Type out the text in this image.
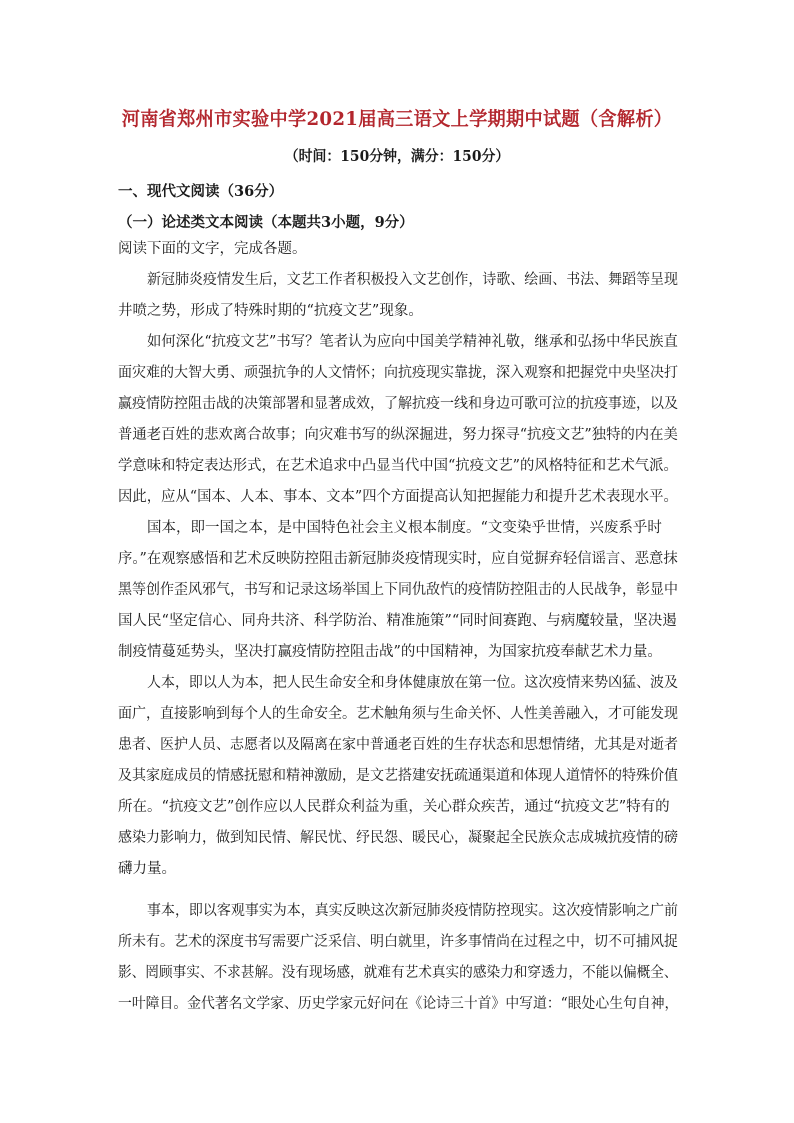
河南省郑州市实验中学2021届高三语文上学期期中试题（含解析）
（时间：150分钟，满分：150分）
一、现代文阅读（36分）
（一）论述类文本阅读（本题共3小题，9分）
阅读下面的文字，完成各题。
新冠肺炎疫情发生后，文艺工作者积极投入文艺创作，诗歌、绘画、书法、舞蹈等呈现
井喷之势，形成了特殊时期的“抗疫文艺”现象。
如何深化“抗疫文艺”书写？笔者认为应向中国美学精神礼敬，继承和弘扬中华民族直
面灾难的大智大勇、顽强抗争的人文情怀；向抗疫现实靠拢，深入观察和把握党中央坚决打
赢疫情防控阻击战的决策部署和显著成效，了解抗疫一线和身边可歌可泣的抗疫事迹，以及
普通老百姓的悲欢离合故事；向灾难书写的纵深掘进，努力探寻“抗疫文艺”独特的内在美
学意味和特定表达形式，在艺术追求中凸显当代中国“抗疫文艺”的风格特征和艺术气派。
因此，应从“国本、人本、事本、文本”四个方面提高认知把握能力和提升艺术表现水平。
国本，即一国之本，是中国特色社会主义根本制度。“文变染乎世情，兴废系乎时
序。”在观察感悟和艺术反映防控阻击新冠肺炎疫情现实时，应自觉摒弃轻信谣言、恶意抹
黑等创作歪风邪气，书写和记录这场举国上下同仇敌忾的疫情防控阻击的人民战争，彰显中
国人民“坚定信心、同舟共济、科学防治、精准施策”“同时间赛跑、与病魔较量，坚决遏
制疫情蔓延势头，坚决打赢疫情防控阻击战”的中国精神，为国家抗疫奉献艺术力量。
人本，即以人为本，把人民生命安全和身体健康放在第一位。这次疫情来势凶猛、波及
面广，直接影响到每个人的生命安全。艺术触角须与生命关怀、人性美善融入，才可能发现
患者、医护人员、志愿者以及隔离在家中普通老百姓的生存状态和思想情绪，尤其是对逝者
及其家庭成员的情感抚慰和精神激励，是文艺搭建安抚疏通渠道和体现人道情怀的特殊价值
所在。“抗疫文艺”创作应以人民群众利益为重，关心群众疾苦，通过“抗疫文艺”特有的
感染力影响力，做到知民情、解民忧、纾民怨、暖民心，凝聚起全民族众志成城抗疫情的磅
礴力量。
事本，即以客观事实为本，真实反映这次新冠肺炎疫情防控现实。这次疫情影响之广前
所未有。艺术的深度书写需要广泛采信、明白就里，许多事情尚在过程之中，切不可捕风捉
影、罔顾事实、不求甚解。没有现场感，就难有艺术真实的感染力和穿透力，不能以偏概全、
一叶障目。金代著名文学家、历史学家元好问在《论诗三十首》中写道：“眼处心生句自神，
